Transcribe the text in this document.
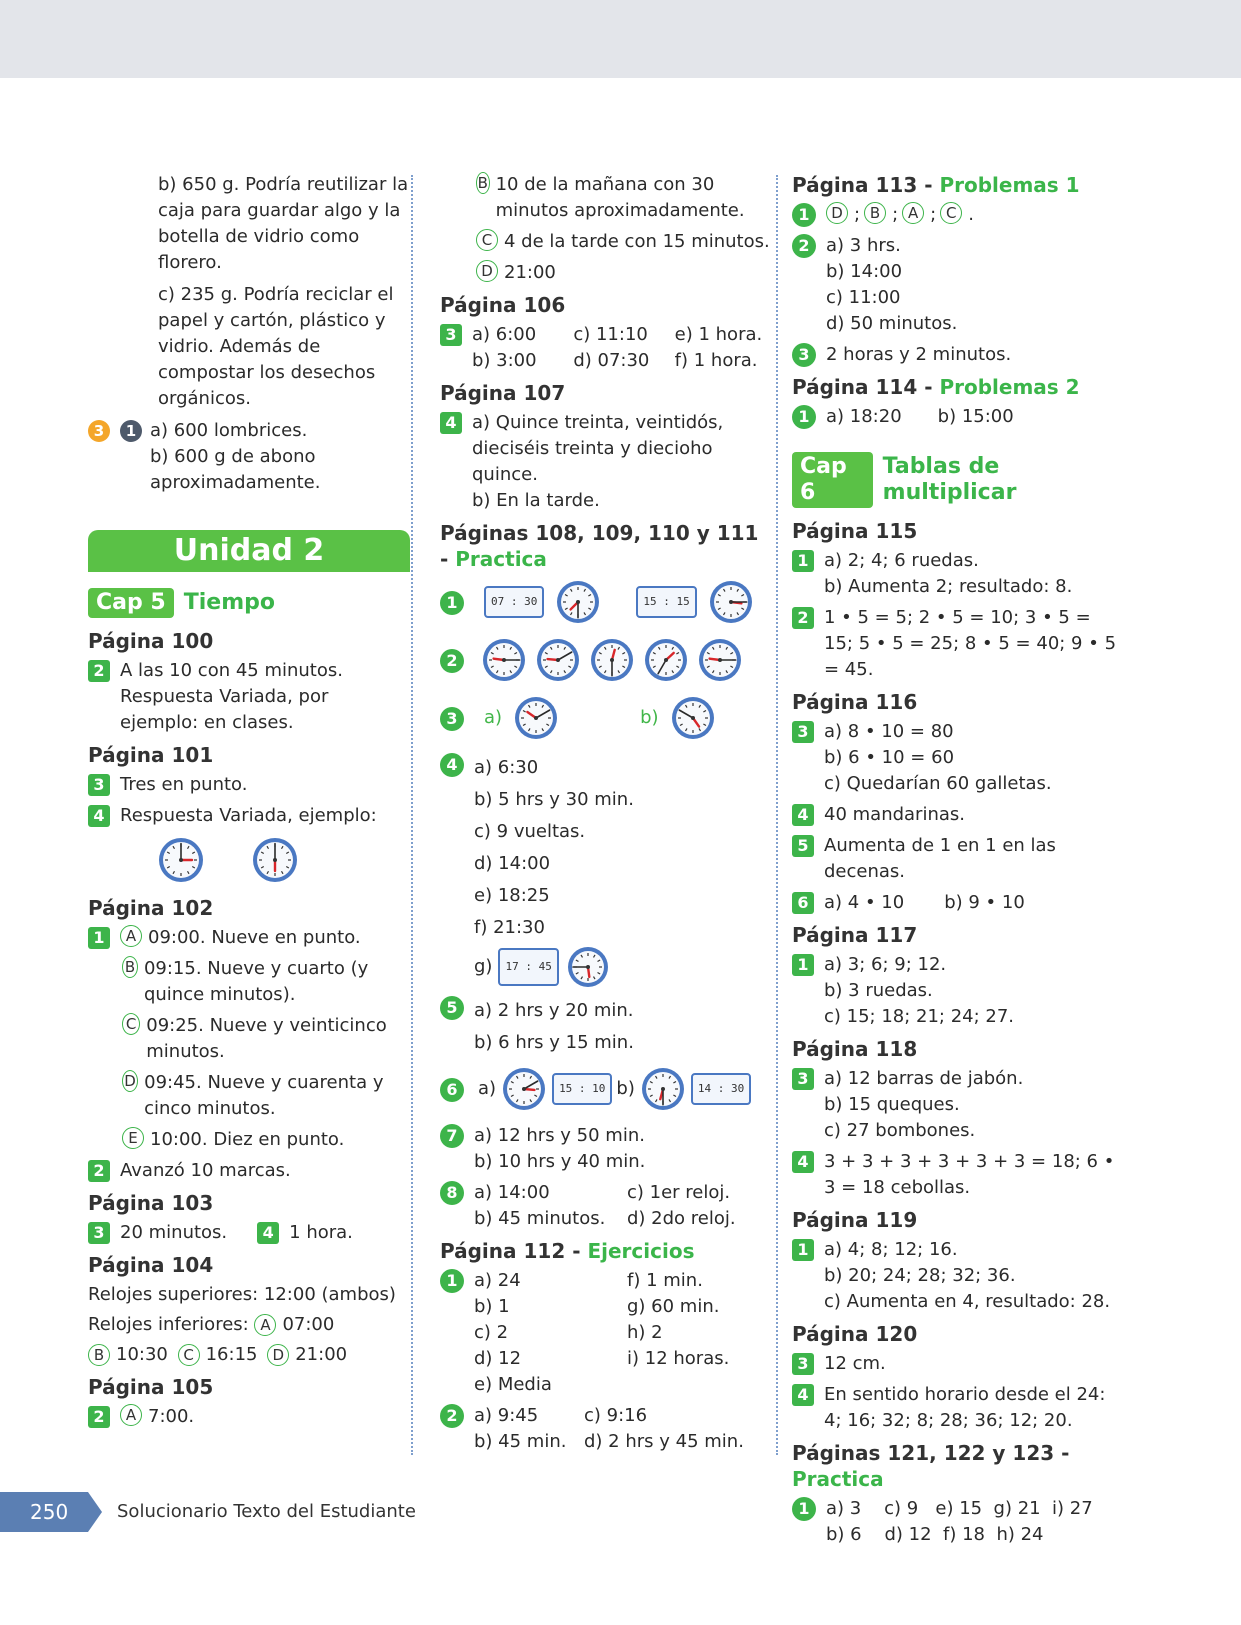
b) 650 g. Podría reutilizar la caja para guardar algo y la botella de vidrio como florero.
c) 235 g. Podría reciclar el papel y cartón, plástico y vidrio. Además de compostar los desechos orgánicos.
3	1 a) 600 lombrices.
b) 600 g de abono aproximadamente.
Unidad 2
Cap 5 Tiempo
Página 100
2 A las 10 con 45 minutos. Respuesta Variada, por ejemplo: en clases.
Página 101
3 Tres en punto.
4 Respuesta Variada, ejemplo:
Página 102
1	A 09:00. Nueve en punto.
B 09:15. Nueve y cuarto (y quince minutos).
C 09:25. Nueve y veinticinco minutos.
D 09:45. Nueve y cuarenta y cinco minutos.
E 10:00. Diez en punto.
2 Avanzó 10 marcas.
Página 103
3 20 minutos.	4 1 hora.
Página 104
Relojes superiores: 12:00 (ambos)
Relojes inferiores: A 07:00
B 10:30 C 16:15 D 21:00
Página 105
2	A 7:00.
B 10 de la mañana con 30 minutos aproximadamente.
C 4 de la tarde con 15 minutos.
D 21:00
Página 106
3 a) 6:00	c) 11:10	e) 1 hora.
b) 3:00	d) 07:30	f) 1 hora.
Página 107
4 a) Quince treinta, veintidós, dieciséis treinta y diecioho quince.
b) En la tarde.
Páginas 108, 109, 110 y 111 - Practica
1	07 : 30	15 : 15
2
3	a)	b)
4 a) 6:30
b) 5 hrs y 30 min.
c) 9 vueltas.
d) 14:00
e) 18:25
f) 21:30
g)	17 : 45
5 a) 2 hrs y 20 min.
b) 6 hrs y 15 min.
6	a)	15 : 10 b)	14 : 30
7 a) 12 hrs y 50 min.
b) 10 hrs y 40 min.
8 a) 14:00	c) 1er reloj.
b) 45 minutos.	d) 2do reloj.
Página 112 - Ejercicios
1 a) 24	f) 1 min.
b) 1	g) 60 min.
c) 2	h) 2
d) 12	i) 12 horas.
e) Media
2 a) 9:45	c) 9:16
b) 45 min. d) 2 hrs y 45 min.
Página 113 - Problemas 1
1	D ; B ; A ; C .
2 a) 3 hrs.
b) 14:00
c) 11:00
d) 50 minutos.
3 2 horas y 2 minutos.
Página 114 - Problemas 2
1 a) 18:20 b) 15:00
Cap 6
Tablas de multiplicar
Página 115
1 a) 2; 4; 6 ruedas.
b) Aumenta 2; resultado: 8.
2 1 • 5 = 5; 2 • 5 = 10; 3 • 5 = 15; 5 • 5 = 25; 8 • 5 = 40; 9 • 5 = 45.
Página 116
3 a) 8 • 10 = 80
b) 6 • 10 = 60
c) Quedarían 60 galletas.
4 40 mandarinas.
5 Aumenta de 1 en 1 en las decenas.
6 a) 4 • 10 b) 9 • 10
Página 117
1 a) 3; 6; 9; 12.
b) 3 ruedas.
c) 15; 18; 21; 24; 27.
Página 118
3 a) 12 barras de jabón.
b) 15 queques.
c) 27 bombones.
4 3 + 3 + 3 + 3 + 3 + 3 = 18; 6 • 3 = 18 cebollas.
Página 119
1 a) 4; 8; 12; 16.
b) 20; 24; 28; 32; 36.
c) Aumenta en 4, resultado: 28.
Página 120
3 12 cm.
4 En sentido horario desde el 24: 4; 16; 32; 8; 28; 36; 12; 20.
Páginas 121, 122 y 123 - Practica
1 a) 3    c) 9   e) 15  g) 21  i) 27
b) 6    d) 12  f) 18  h) 24
250	Solucionario Texto del Estudiante
